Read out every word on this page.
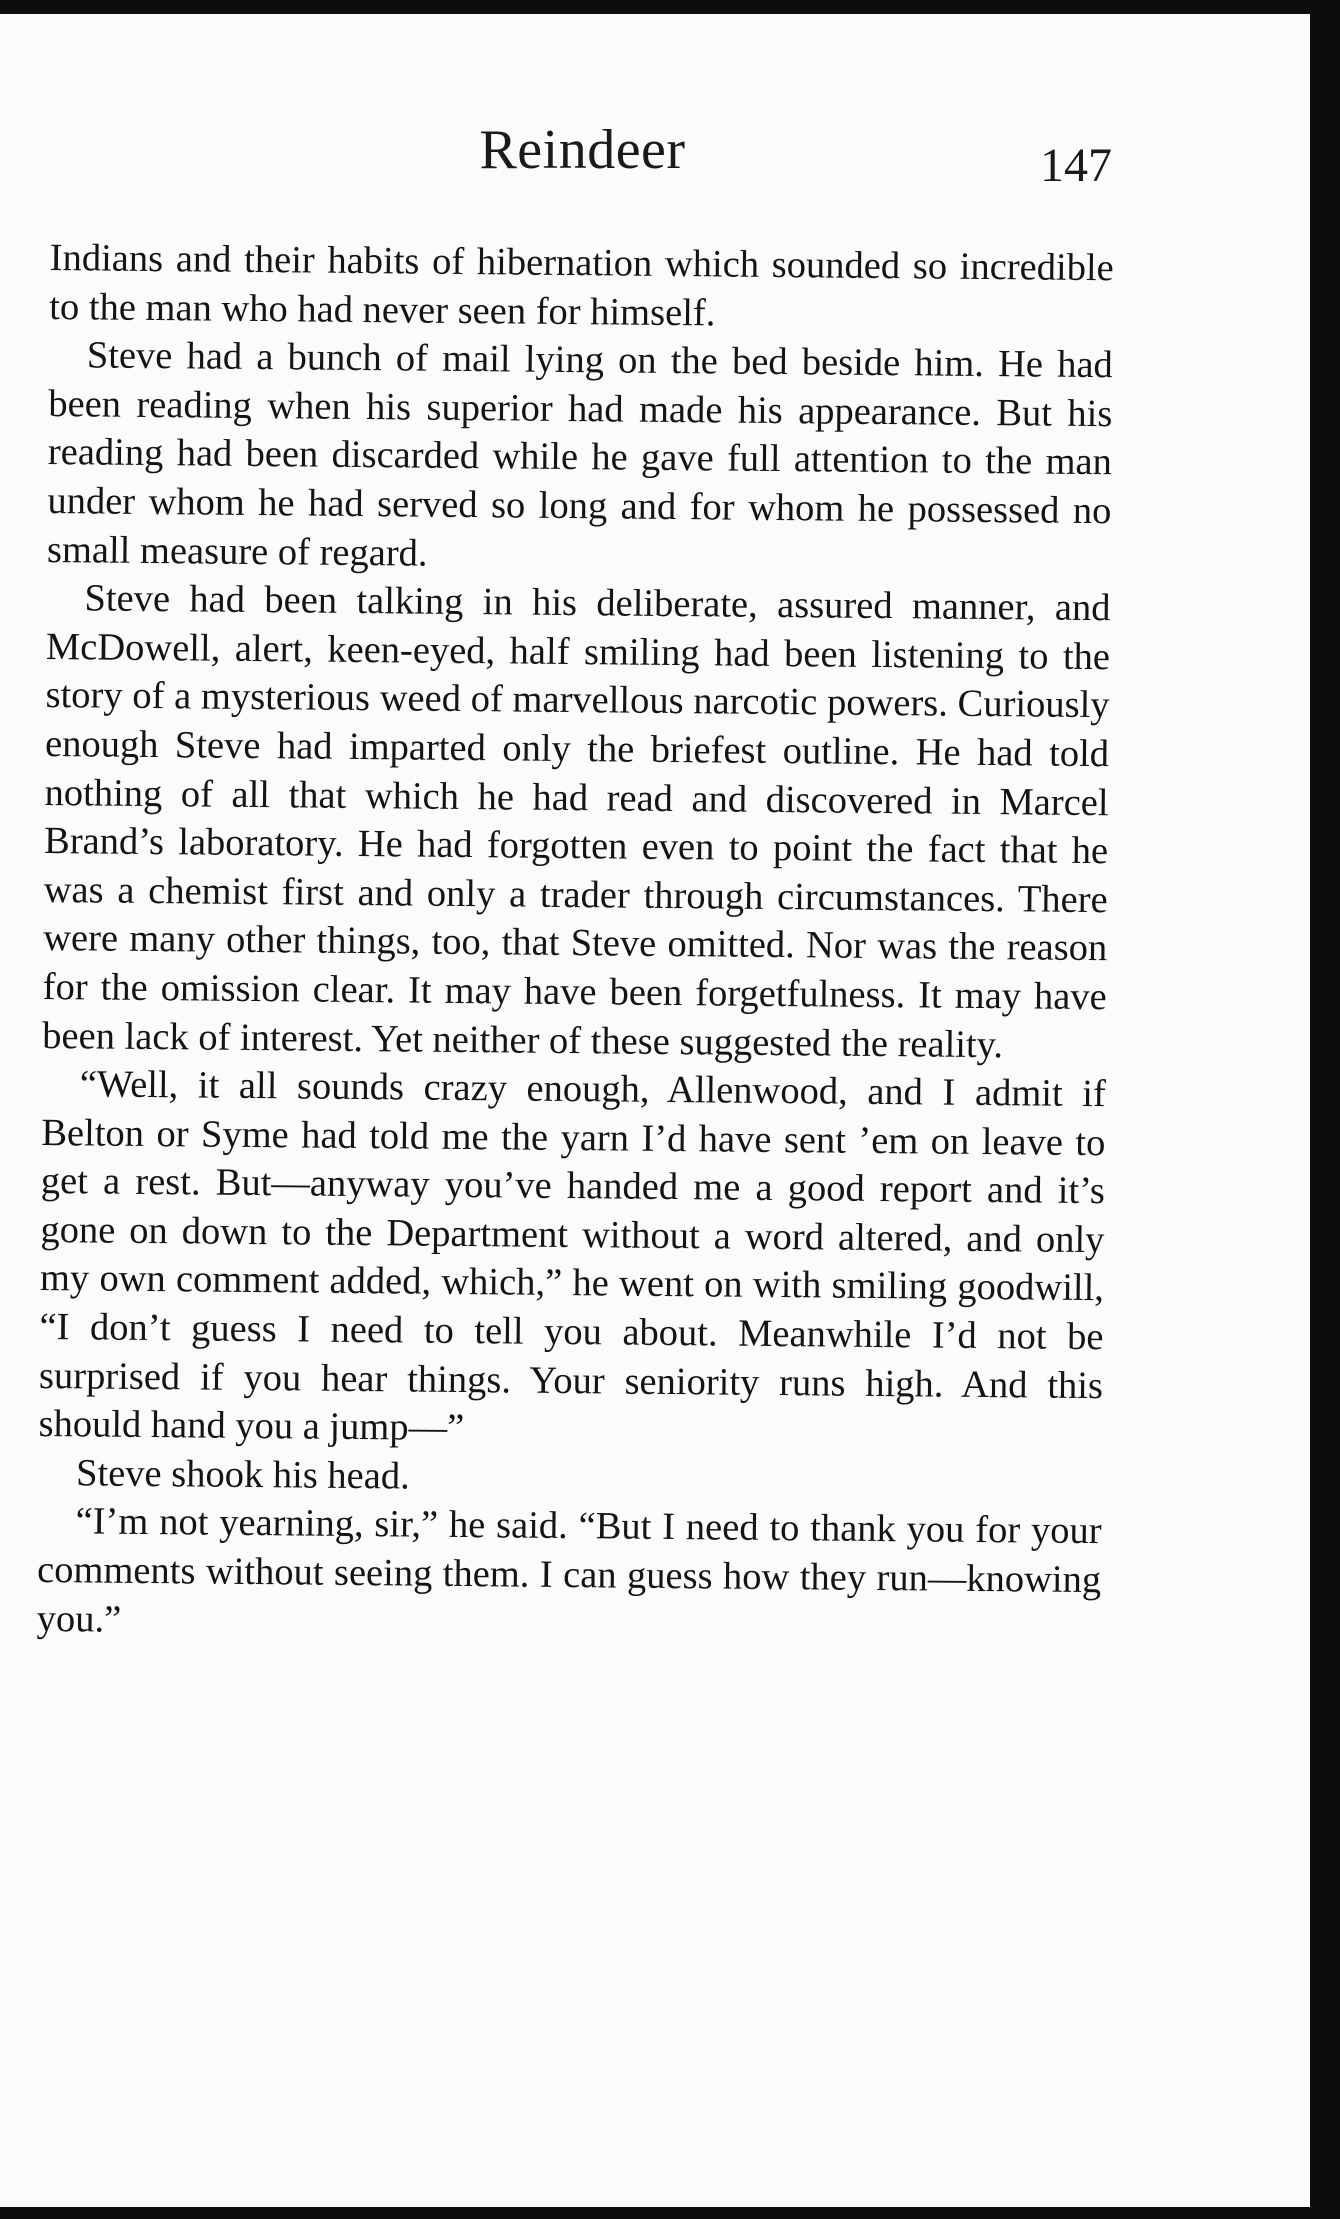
Reindeer	147

Indians and their habits of hibernation which sounded so incredible to the man who had never seen for himself.

Steve had a bunch of mail lying on the bed beside him. He had been reading when his superior had made his appearance. But his reading had been discarded while he gave full attention to the man under whom he had served so long and for whom he possessed no small measure of regard.

Steve had been talking in his deliberate, assured manner, and McDowell, alert, keen-eyed, half smiling had been listening to the story of a mysterious weed of marvellous narcotic powers. Curiously enough Steve had imparted only the briefest outline. He had told nothing of all that which he had read and discovered in Marcel Brand’s laboratory. He had forgotten even to point the fact that he was a chemist first and only a trader through circumstances. There were many other things, too, that Steve omitted. Nor was the reason for the omission clear. It may have been forgetfulness. It may have been lack of interest. Yet neither of these suggested the reality.

“Well, it all sounds crazy enough, Allenwood, and I admit if Belton or Syme had told me the yarn I’d have sent ’em on leave to get a rest. But—anyway you’ve handed me a good report and it’s gone on down to the Department without a word altered, and only my own comment added, which,” he went on with smiling goodwill, “I don’t guess I need to tell you about. Meanwhile I’d not be surprised if you hear things. Your seniority runs high. And this should hand you a jump—”

Steve shook his head.

“I’m not yearning, sir,” he said. “But I need to thank you for your comments without seeing them. I can guess how they run—knowing you.”
